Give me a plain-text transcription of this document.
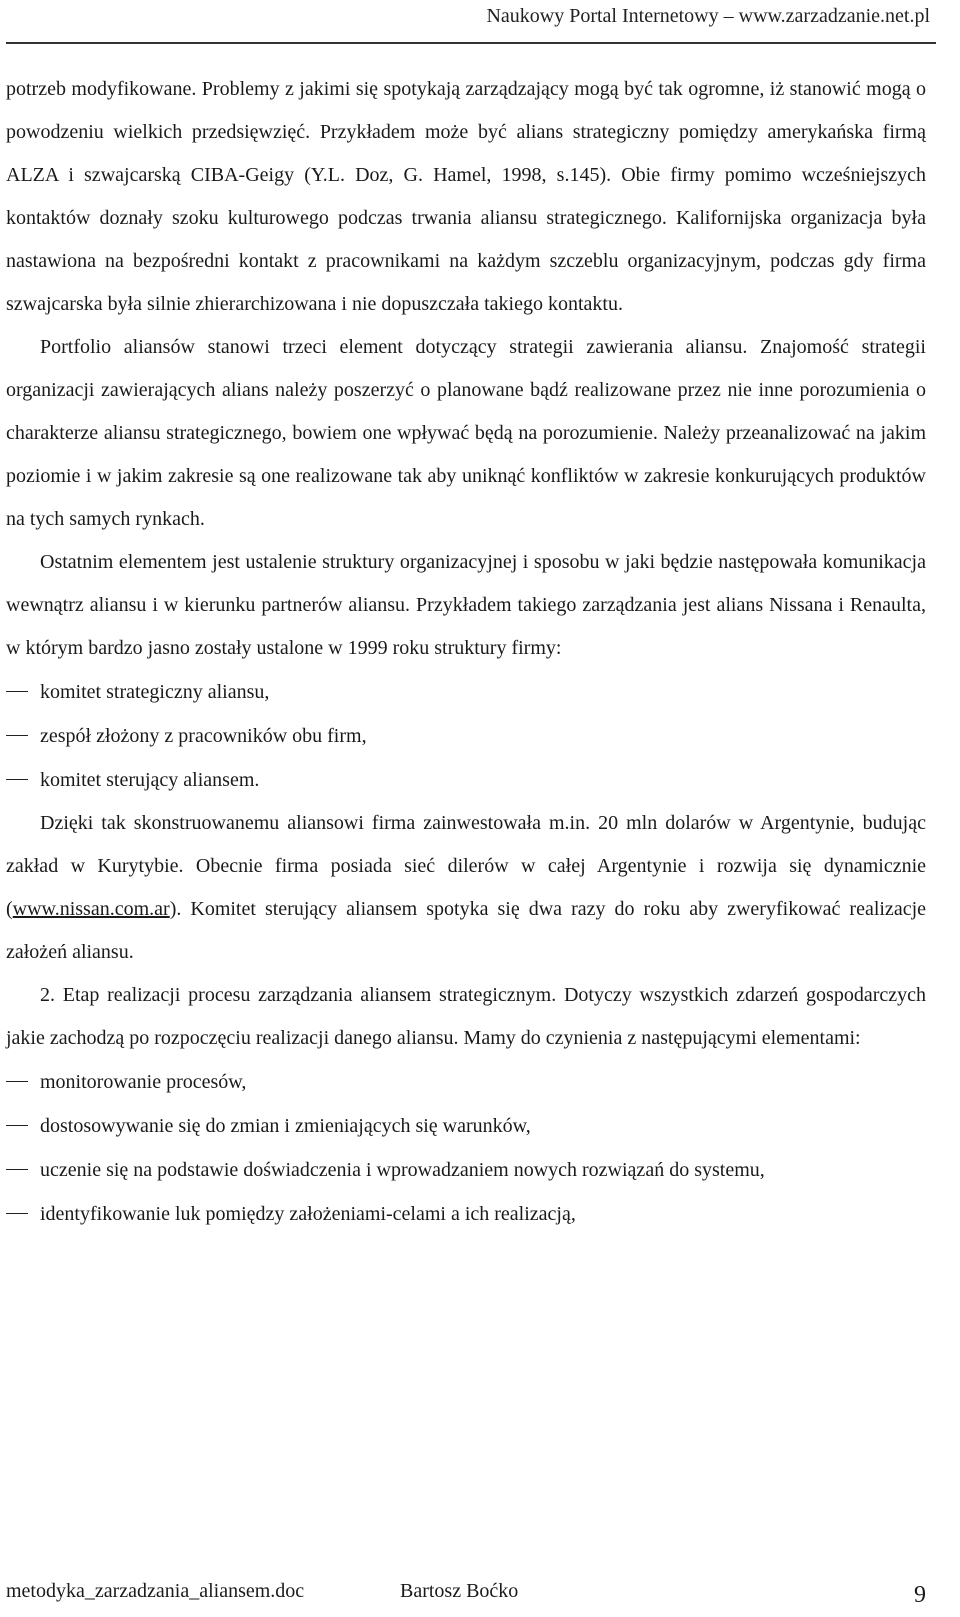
Naukowy Portal Internetowy – www.zarzadzanie.net.pl

potrzeb modyfikowane. Problemy z jakimi się spotykają zarządzający mogą być tak ogromne, iż stanowić mogą o powodzeniu wielkich przedsięwzięć. Przykładem może być alians strategiczny pomiędzy amerykańska firmą ALZA i szwajcarską CIBA-Geigy (Y.L. Doz, G. Hamel, 1998, s.145). Obie firmy pomimo wcześniejszych kontaktów doznały szoku kulturowego podczas trwania aliansu strategicznego. Kalifornijska organizacja była nastawiona na bezpośredni kontakt z pracownikami na każdym szczeblu organizacyjnym, podczas gdy firma szwajcarska była silnie zhierarchizowana i nie dopuszczała takiego kontaktu.

Portfolio aliansów stanowi trzeci element dotyczący strategii zawierania aliansu. Znajomość strategii organizacji zawierających alians należy poszerzyć o planowane bądź realizowane przez nie inne porozumienia o charakterze aliansu strategicznego, bowiem one wpływać będą na porozumienie. Należy przeanalizować na jakim poziomie i w jakim zakresie są one realizowane tak aby uniknąć konfliktów w zakresie konkurujących produktów na tych samych rynkach.

Ostatnim elementem jest ustalenie struktury organizacyjnej i sposobu w jaki będzie następowała komunikacja wewnątrz aliansu i w kierunku partnerów aliansu. Przykładem takiego zarządzania jest alians Nissana i Renaulta, w którym bardzo jasno zostały ustalone w 1999 roku struktury firmy:

komitet strategiczny aliansu,
zespół złożony z pracowników obu firm,
komitet sterujący aliansem.

Dzięki tak skonstruowanemu aliansowi firma zainwestowała m.in. 20 mln dolarów w Argentynie, budując zakład w Kurytybie. Obecnie firma posiada sieć dilerów w całej Argentynie i rozwija się dynamicznie (www.nissan.com.ar). Komitet sterujący aliansem spotyka się dwa razy do roku aby zweryfikować realizacje założeń aliansu.

2. Etap realizacji procesu zarządzania aliansem strategicznym. Dotyczy wszystkich zdarzeń gospodarczych jakie zachodzą po rozpoczęciu realizacji danego aliansu. Mamy do czynienia z następującymi elementami:

monitorowanie procesów,
dostosowywanie się do zmian i zmieniających się warunków,
uczenie się na podstawie doświadczenia i wprowadzaniem nowych rozwiązań do systemu,
identyfikowanie luk pomiędzy założeniami-celami a ich realizacją,
metodyka_zarzadzania_aliansem.doc	Bartosz Boćko	9
